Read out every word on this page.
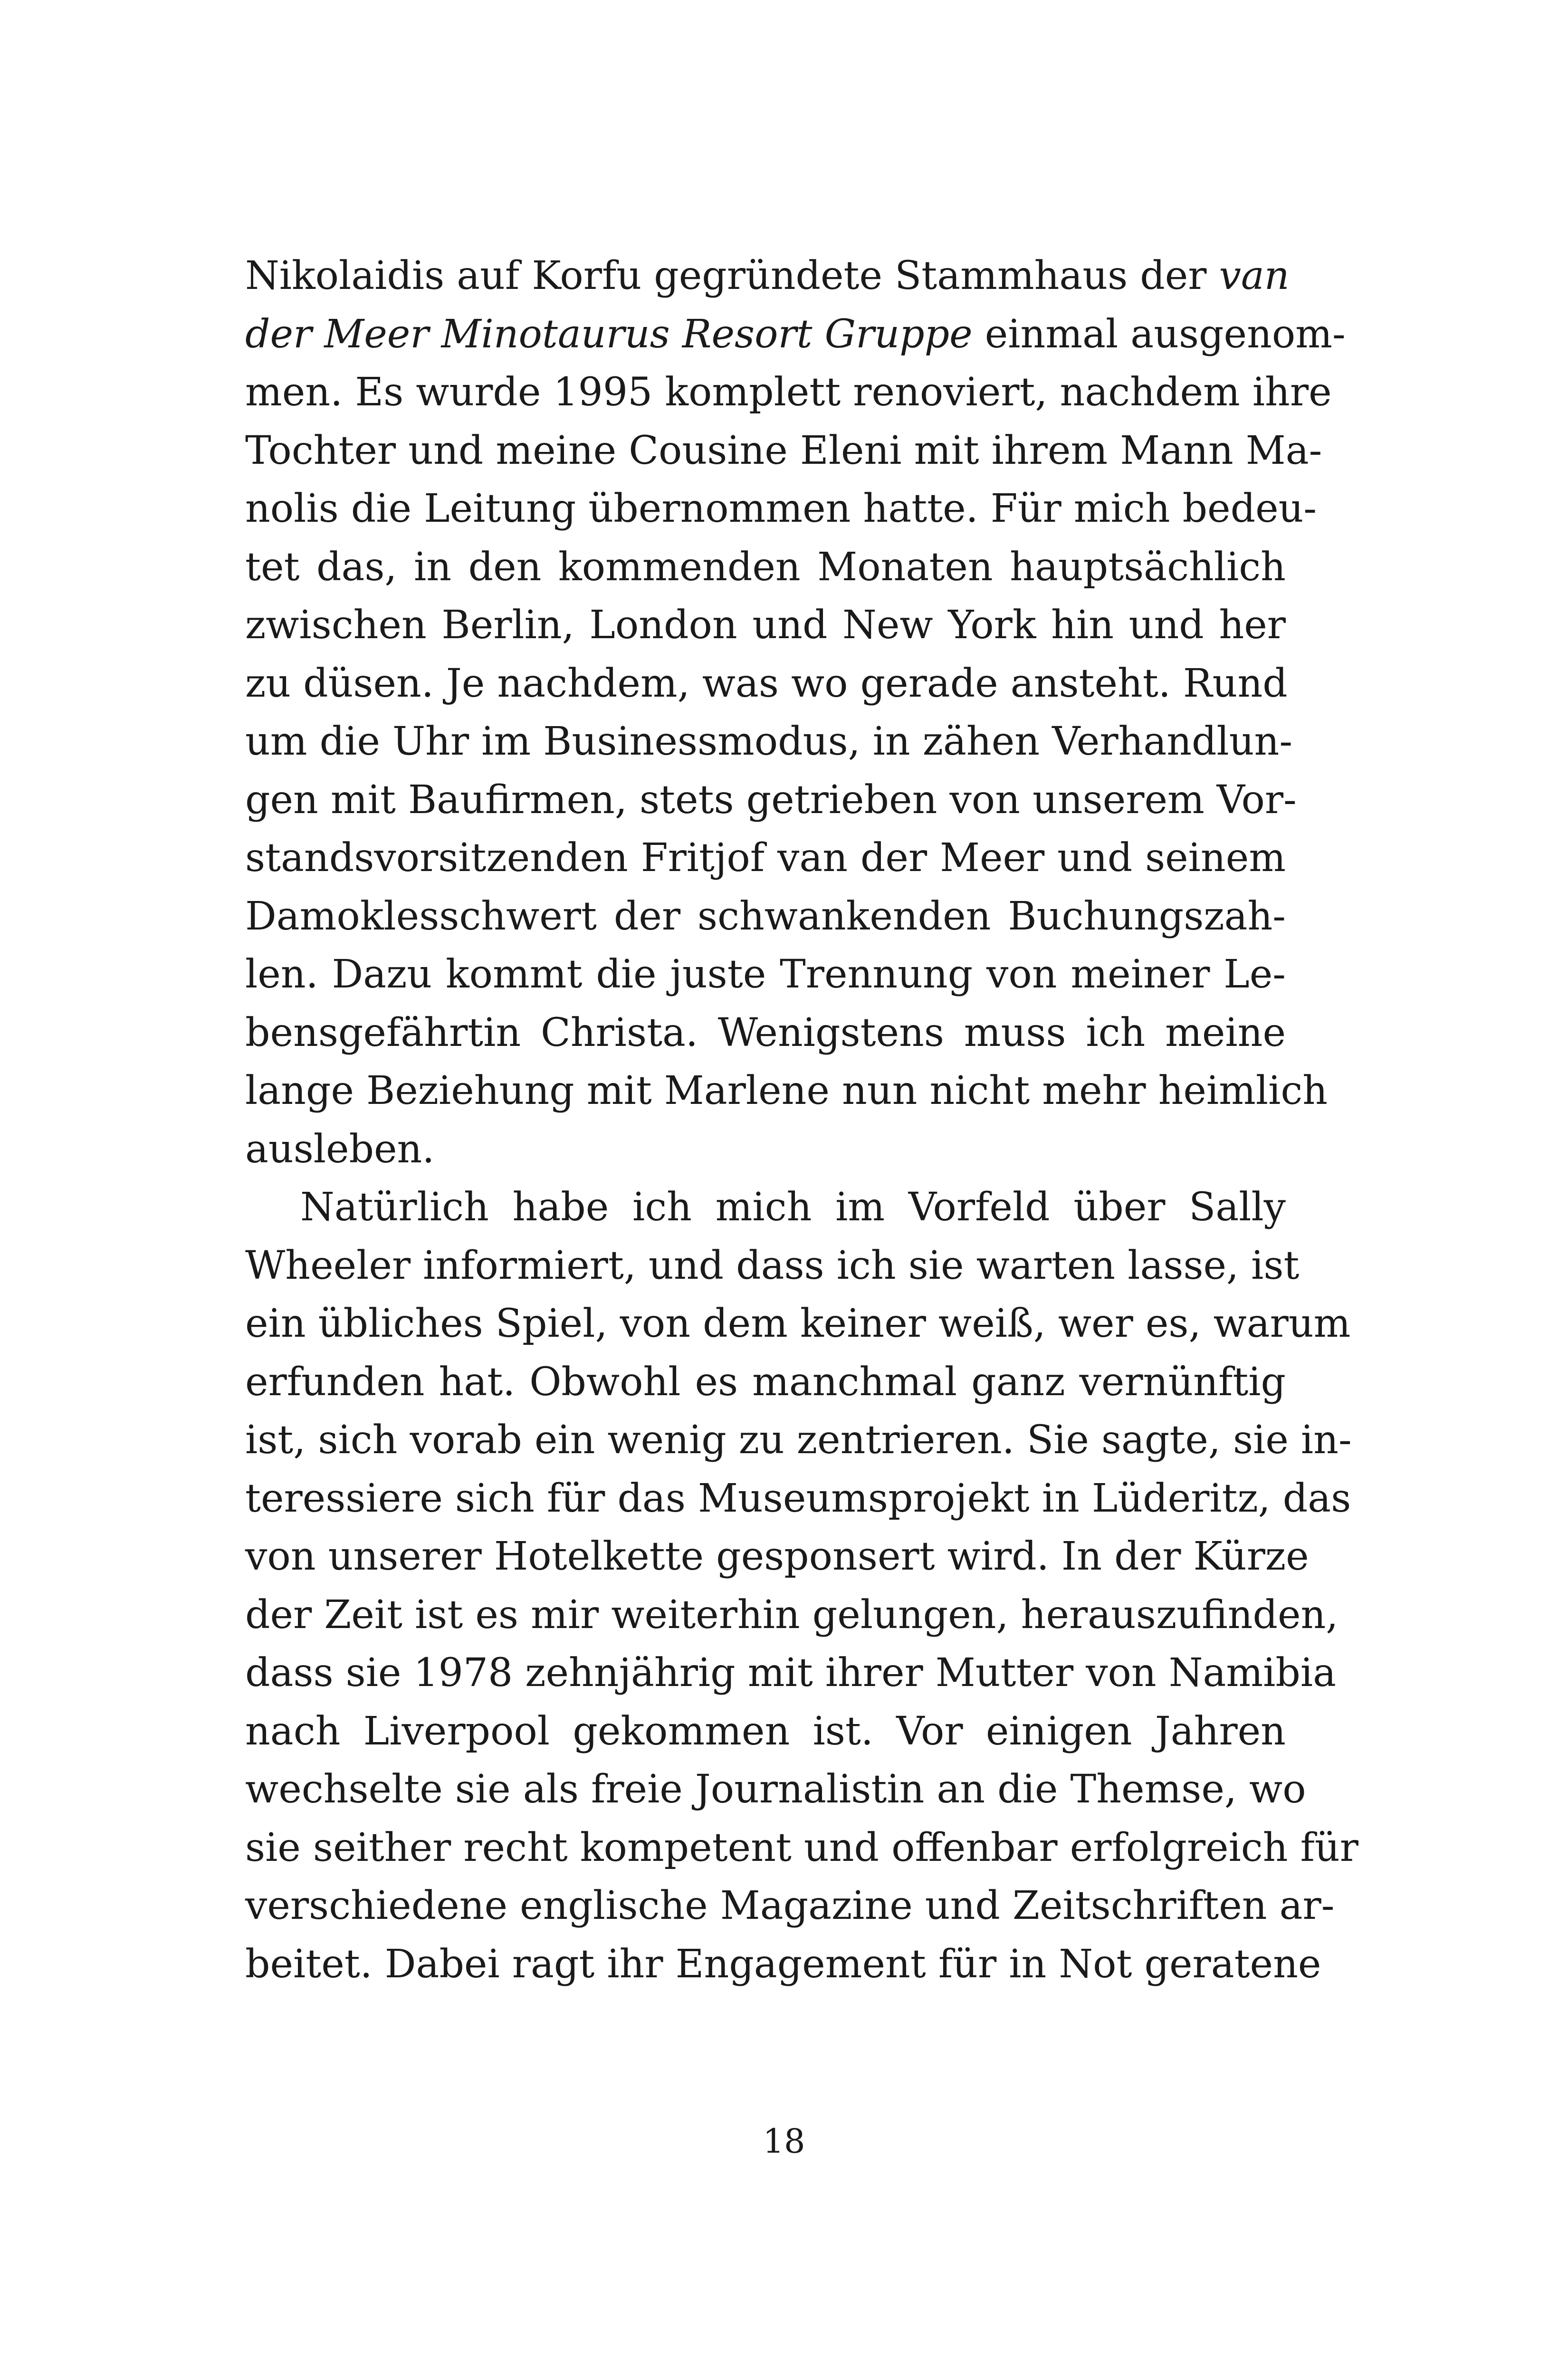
Nikolaidis auf Korfu gegründete Stammhaus der van
der Meer Minotaurus Resort Gruppe einmal ausgenom-
men. Es wurde 1995 komplett renoviert, nachdem ihre
Tochter und meine Cousine Eleni mit ihrem Mann Ma-
nolis die Leitung übernommen hatte. Für mich bedeu-
tet das, in den kommenden Monaten hauptsächlich
zwischen Berlin, London und New York hin und her
zu düsen. Je nachdem, was wo gerade ansteht. Rund
um die Uhr im Businessmodus, in zähen Verhandlun-
gen mit Baufirmen, stets getrieben von unserem Vor-
standsvorsitzenden Fritjof van der Meer und seinem
Damoklesschwert der schwankenden Buchungszah-
len. Dazu kommt die juste Trennung von meiner Le-
bensgefährtin Christa. Wenigstens muss ich meine
lange Beziehung mit Marlene nun nicht mehr heimlich
ausleben.
Natürlich habe ich mich im Vorfeld über Sally
Wheeler informiert, und dass ich sie warten lasse, ist
ein übliches Spiel, von dem keiner weiß, wer es, warum
erfunden hat. Obwohl es manchmal ganz vernünftig
ist, sich vorab ein wenig zu zentrieren. Sie sagte, sie in-
teressiere sich für das Museumsprojekt in Lüderitz, das
von unserer Hotelkette gesponsert wird. In der Kürze
der Zeit ist es mir weiterhin gelungen, herauszufinden,
dass sie 1978 zehnjährig mit ihrer Mutter von Namibia
nach Liverpool gekommen ist. Vor einigen Jahren
wechselte sie als freie Journalistin an die Themse, wo
sie seither recht kompetent und offenbar erfolgreich für
verschiedene englische Magazine und Zeitschriften ar-
beitet. Dabei ragt ihr Engagement für in Not geratene
18
